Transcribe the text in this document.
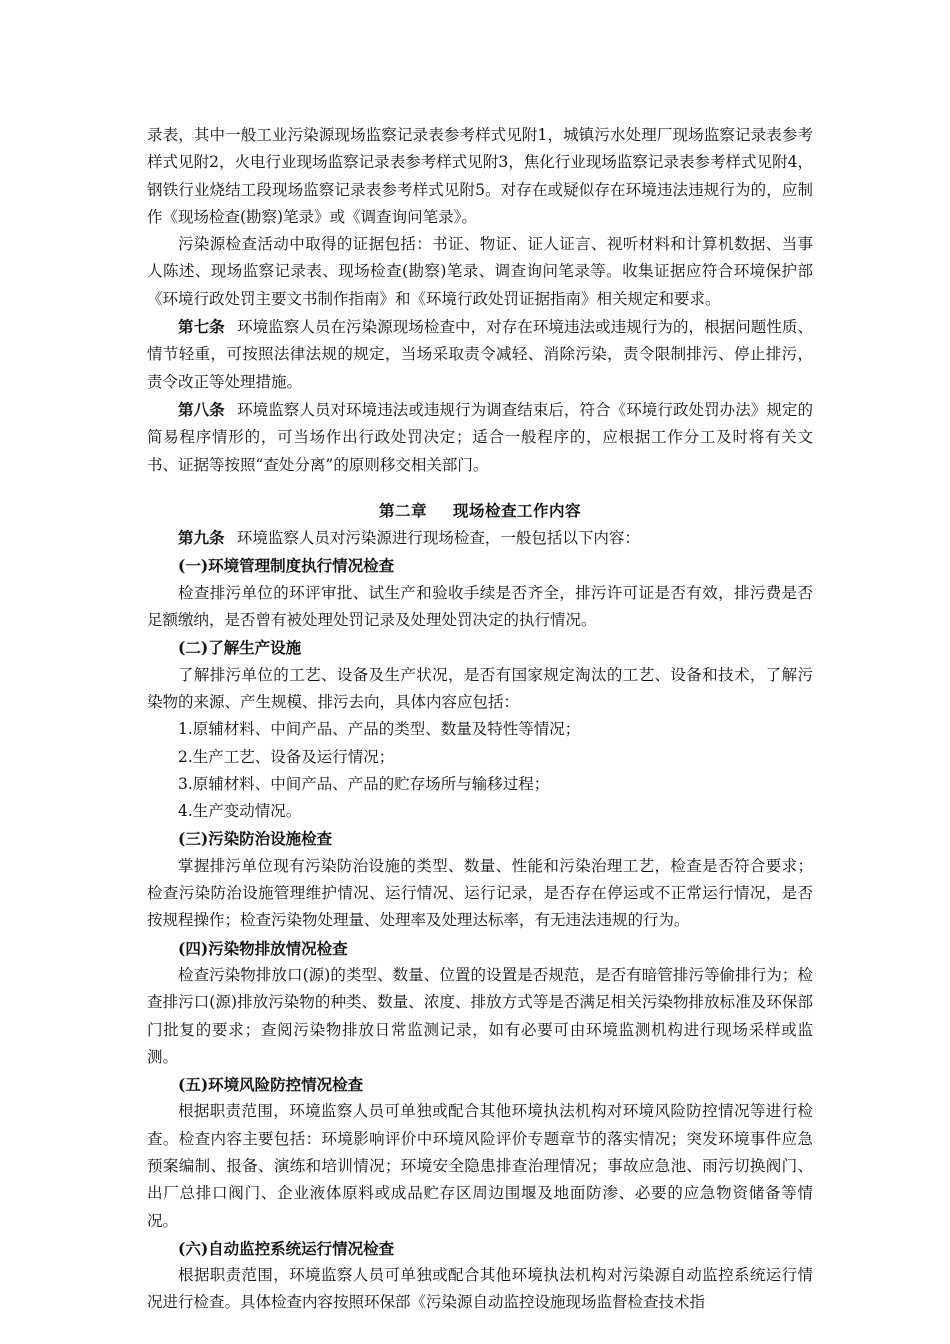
录表，其中一般工业污染源现场监察记录表参考样式见附1，城镇污水处理厂现场监察记录表参考样式见附2，火电行业现场监察记录表参考样式见附3，焦化行业现场监察记录表参考样式见附4，钢铁行业烧结工段现场监察记录表参考样式见附5。对存在或疑似存在环境违法违规行为的，应制作《现场检查(勘察)笔录》或《调查询问笔录》。

污染源检查活动中取得的证据包括：书证、物证、证人证言、视听材料和计算机数据、当事人陈述、现场监察记录表、现场检查(勘察)笔录、调查询问笔录等。收集证据应符合环境保护部《环境行政处罚主要文书制作指南》和《环境行政处罚证据指南》相关规定和要求。

第七条 环境监察人员在污染源现场检查中，对存在环境违法或违规行为的，根据问题性质、情节轻重，可按照法律法规的规定，当场采取责令减轻、消除污染，责令限制排污、停止排污，责令改正等处理措施。

第八条 环境监察人员对环境违法或违规行为调查结束后，符合《环境行政处罚办法》规定的简易程序情形的，可当场作出行政处罚决定；适合一般程序的，应根据工作分工及时将有关文书、证据等按照“查处分离”的原则移交相关部门。

第二章 现场检查工作内容

第九条 环境监察人员对污染源进行现场检查，一般包括以下内容：

(一)环境管理制度执行情况检查

检查排污单位的环评审批、试生产和验收手续是否齐全，排污许可证是否有效，排污费是否足额缴纳，是否曾有被处理处罚记录及处理处罚决定的执行情况。

(二)了解生产设施

了解排污单位的工艺、设备及生产状况，是否有国家规定淘汰的工艺、设备和技术，了解污染物的来源、产生规模、排污去向，具体内容应包括：

1.原辅材料、中间产品、产品的类型、数量及特性等情况；

2.生产工艺、设备及运行情况；

3.原辅材料、中间产品、产品的贮存场所与输移过程；

4.生产变动情况。

(三)污染防治设施检查

掌握排污单位现有污染防治设施的类型、数量、性能和污染治理工艺，检查是否符合要求；检查污染防治设施管理维护情况、运行情况、运行记录，是否存在停运或不正常运行情况，是否按规程操作；检查污染物处理量、处理率及处理达标率，有无违法违规的行为。

(四)污染物排放情况检查

检查污染物排放口(源)的类型、数量、位置的设置是否规范，是否有暗管排污等偷排行为；检查排污口(源)排放污染物的种类、数量、浓度、排放方式等是否满足相关污染物排放标准及环保部门批复的要求；查阅污染物排放日常监测记录，如有必要可由环境监测机构进行现场采样或监测。

(五)环境风险防控情况检查

根据职责范围，环境监察人员可单独或配合其他环境执法机构对环境风险防控情况等进行检查。检查内容主要包括：环境影响评价中环境风险评价专题章节的落实情况；突发环境事件应急预案编制、报备、演练和培训情况；环境安全隐患排查治理情况；事故应急池、雨污切换阀门、出厂总排口阀门、企业液体原料或成品贮存区周边围堰及地面防渗、必要的应急物资储备等情况。

(六)自动监控系统运行情况检查

根据职责范围，环境监察人员可单独或配合其他环境执法机构对污染源自动监控系统运行情况进行检查。具体检查内容按照环保部《污染源自动监控设施现场监督检查技术指
